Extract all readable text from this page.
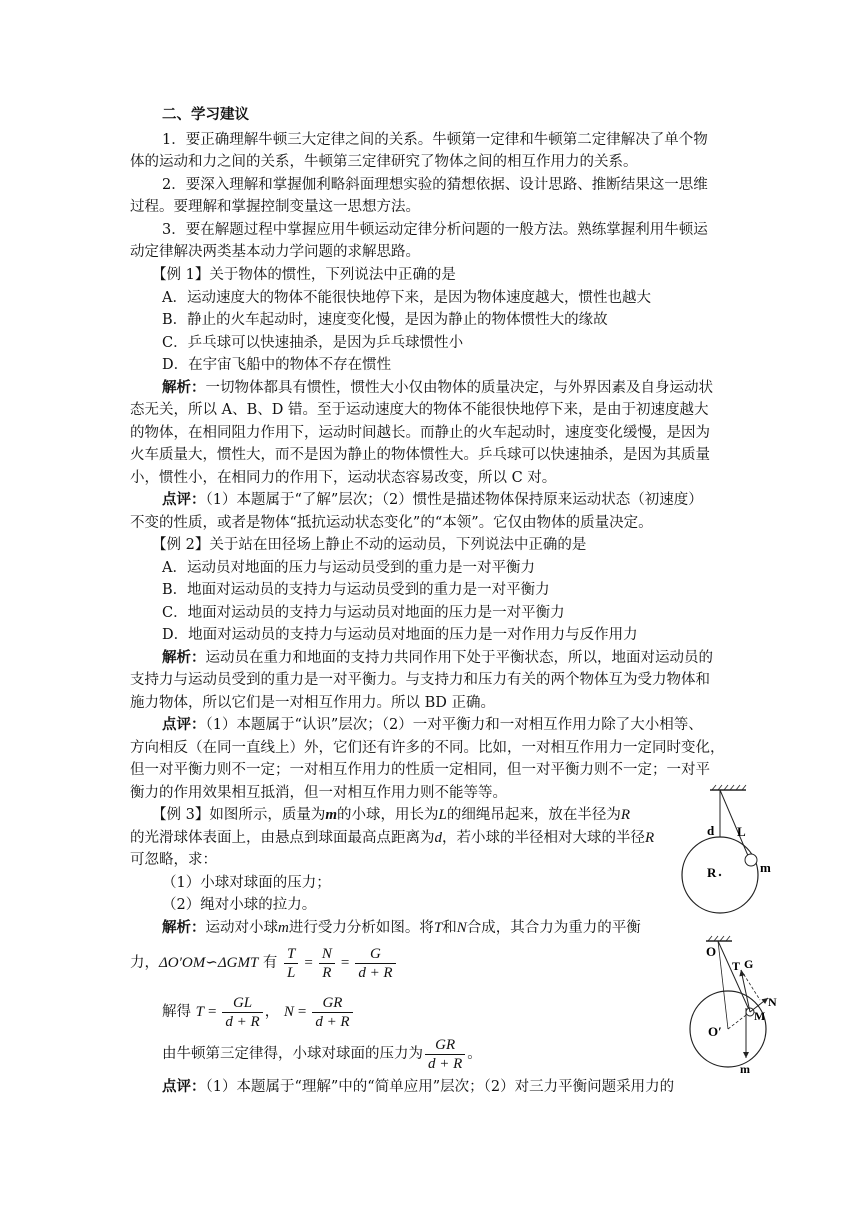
二、学习建议
1．要正确理解牛顿三大定律之间的关系。牛顿第一定律和牛顿第二定律解决了单个物
体的运动和力之间的关系，牛顿第三定律研究了物体之间的相互作用力的关系。
2．要深入理解和掌握伽利略斜面理想实验的猜想依据、设计思路、推断结果这一思维
过程。要理解和掌握控制变量这一思想方法。
3．要在解题过程中掌握应用牛顿运动定律分析问题的一般方法。熟练掌握利用牛顿运
动定律解决两类基本动力学问题的求解思路。
【例 1】关于物体的惯性，下列说法中正确的是
A．运动速度大的物体不能很快地停下来，是因为物体速度越大，惯性也越大
B．静止的火车起动时，速度变化慢，是因为静止的物体惯性大的缘故
C．乒乓球可以快速抽杀，是因为乒乓球惯性小
D．在宇宙飞船中的物体不存在惯性
解析：一切物体都具有惯性，惯性大小仅由物体的质量决定，与外界因素及自身运动状
态无关，所以 A、B、D 错。至于运动速度大的物体不能很快地停下来，是由于初速度越大
的物体，在相同阻力作用下，运动时间越长。而静止的火车起动时，速度变化缓慢，是因为
火车质量大，惯性大，而不是因为静止的物体惯性大。乒乓球可以快速抽杀，是因为其质量
小，惯性小，在相同力的作用下，运动状态容易改变，所以 C 对。
点评：（1）本题属于“了解”层次；（2）惯性是描述物体保持原来运动状态（初速度）
不变的性质，或者是物体“抵抗运动状态变化”的“本领”。它仅由物体的质量决定。
【例 2】关于站在田径场上静止不动的运动员，下列说法中正确的是
A．运动员对地面的压力与运动员受到的重力是一对平衡力
B．地面对运动员的支持力与运动员受到的重力是一对平衡力
C．地面对运动员的支持力与运动员对地面的压力是一对平衡力
D．地面对运动员的支持力与运动员对地面的压力是一对作用力与反作用力
解析：运动员在重力和地面的支持力共同作用下处于平衡状态，所以，地面对运动员的
支持力与运动员受到的重力是一对平衡力。与支持力和压力有关的两个物体互为受力物体和
施力物体，所以它们是一对相互作用力。所以 BD 正确。
点评：（1）本题属于“认识”层次；（2）一对平衡力和一对相互作用力除了大小相等、
方向相反（在同一直线上）外，它们还有许多的不同。比如，一对相互作用力一定同时变化，
但一对平衡力则不一定；一对相互作用力的性质一定相同，但一对平衡力则不一定；一对平
衡力的作用效果相互抵消，但一对相互作用力则不能等等。
【例 3】如图所示，质量为m的小球，用长为L的细绳吊起来，放在半径为R
的光滑球体表面上，由悬点到球面最高点距离为d，若小球的半径相对大球的半径R
可忽略，求：
（1）小球对球面的压力；
（2）绳对小球的拉力。
解析：运动对小球m进行受力分析如图。将T和N合成，其合力为重力的平衡
力，ΔO′OM∽ΔGMT 有 $\frac{T}{L} = \frac{N}{R} = \frac{G}{d + R}$
解得 $T = \frac{GL}{d + R}$ ， $N = \frac{GR}{d + R}$
由牛顿第三定律得，小球对球面的压力为 $\frac{GR}{d + R}$ 。
点评：（1）本题属于“理解”中的“简单应用”层次；（2）对三力平衡问题采用力的
d L
m
R
O
T G
N
O′
M
m
